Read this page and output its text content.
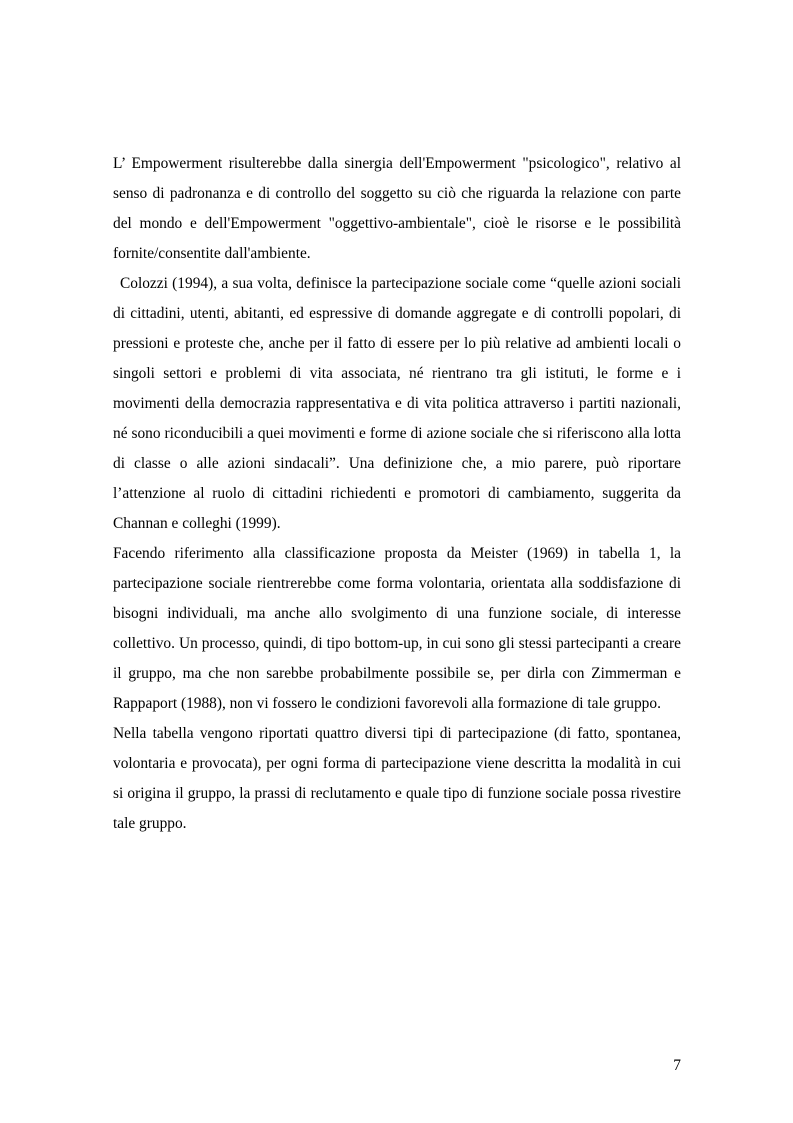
L’ Empowerment risulterebbe dalla sinergia dell'Empowerment "psicologico", relativo al senso di padronanza e di controllo del soggetto su ciò che riguarda la relazione con parte del mondo e dell'Empowerment "oggettivo-ambientale", cioè le risorse e le possibilità fornite/consentite dall'ambiente.

Colozzi (1994), a sua volta, definisce la partecipazione sociale come “quelle azioni sociali di cittadini, utenti, abitanti, ed espressive di domande aggregate e di controlli popolari, di pressioni e proteste che, anche per il fatto di essere per lo più relative ad ambienti locali o singoli settori e problemi di vita associata, né rientrano tra gli istituti, le forme e i movimenti della democrazia rappresentativa e di vita politica attraverso i partiti nazionali, né sono riconducibili a quei movimenti e forme di azione sociale che si riferiscono alla lotta di classe o alle azioni sindacali”. Una definizione che, a mio parere, può riportare l’attenzione al ruolo di cittadini richiedenti e promotori di cambiamento, suggerita da Channan e colleghi (1999).

Facendo riferimento alla classificazione proposta da Meister (1969) in tabella 1, la partecipazione sociale rientrerebbe come forma volontaria, orientata alla soddisfazione di bisogni individuali, ma anche allo svolgimento di una funzione sociale, di interesse collettivo. Un processo, quindi, di tipo bottom-up, in cui sono gli stessi partecipanti a creare il gruppo, ma che non sarebbe probabilmente possibile se, per dirla con Zimmerman e Rappaport (1988), non vi fossero le condizioni favorevoli alla formazione di tale gruppo.

Nella tabella vengono riportati quattro diversi tipi di partecipazione (di fatto, spontanea, volontaria e provocata), per ogni forma di partecipazione viene descritta la modalità in cui si origina il gruppo, la prassi di reclutamento e quale tipo di funzione sociale possa rivestire tale gruppo.

7
